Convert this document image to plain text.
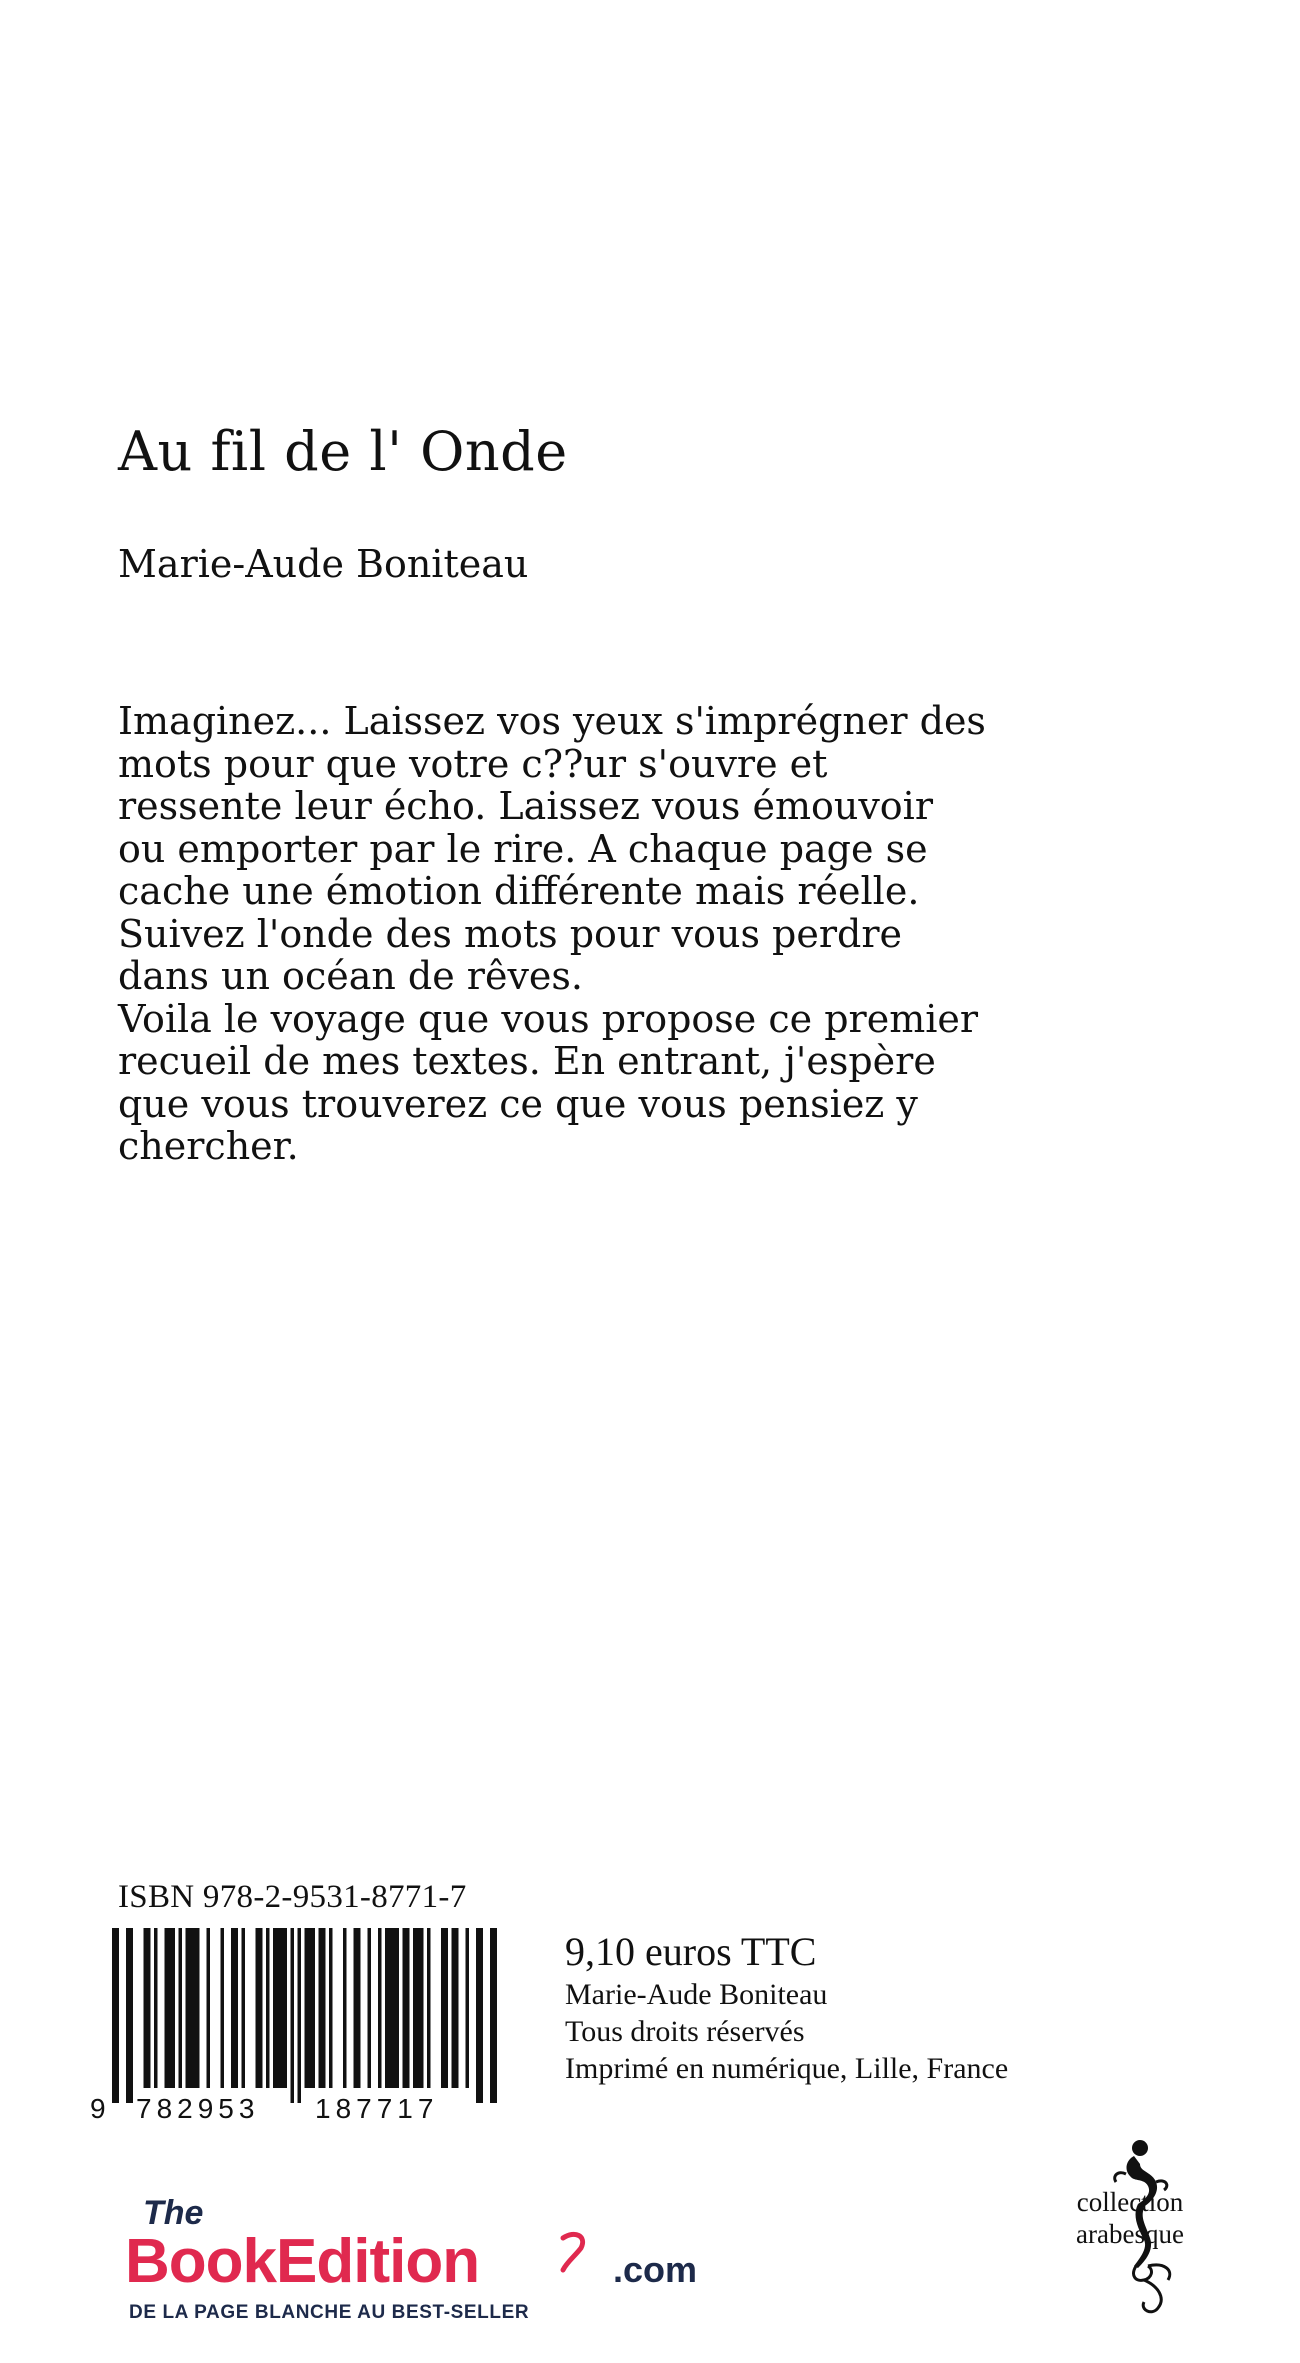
Au fil de l' Onde
Marie-Aude Boniteau

Imaginez... Laissez vos yeux s'imprégner des mots pour que votre c??ur s'ouvre et ressente leur écho. Laissez vous émouvoir ou emporter par le rire. A chaque page se cache une émotion différente mais réelle. Suivez l'onde des mots pour vous perdre dans un océan de rêves.

Voila le voyage que vous propose ce premier recueil de mes textes. En entrant, j'espère que vous trouverez ce que vous pensiez y chercher.

ISBN 978-2-9531-8771-7
9 782953 187717
9,10 euros TTC
Marie-Aude Boniteau
Tous droits réservés
Imprimé en numérique, Lille, France
The
BookEdition	.com
DE LA PAGE BLANCHE AU BEST-SELLER
collection
arabesque
